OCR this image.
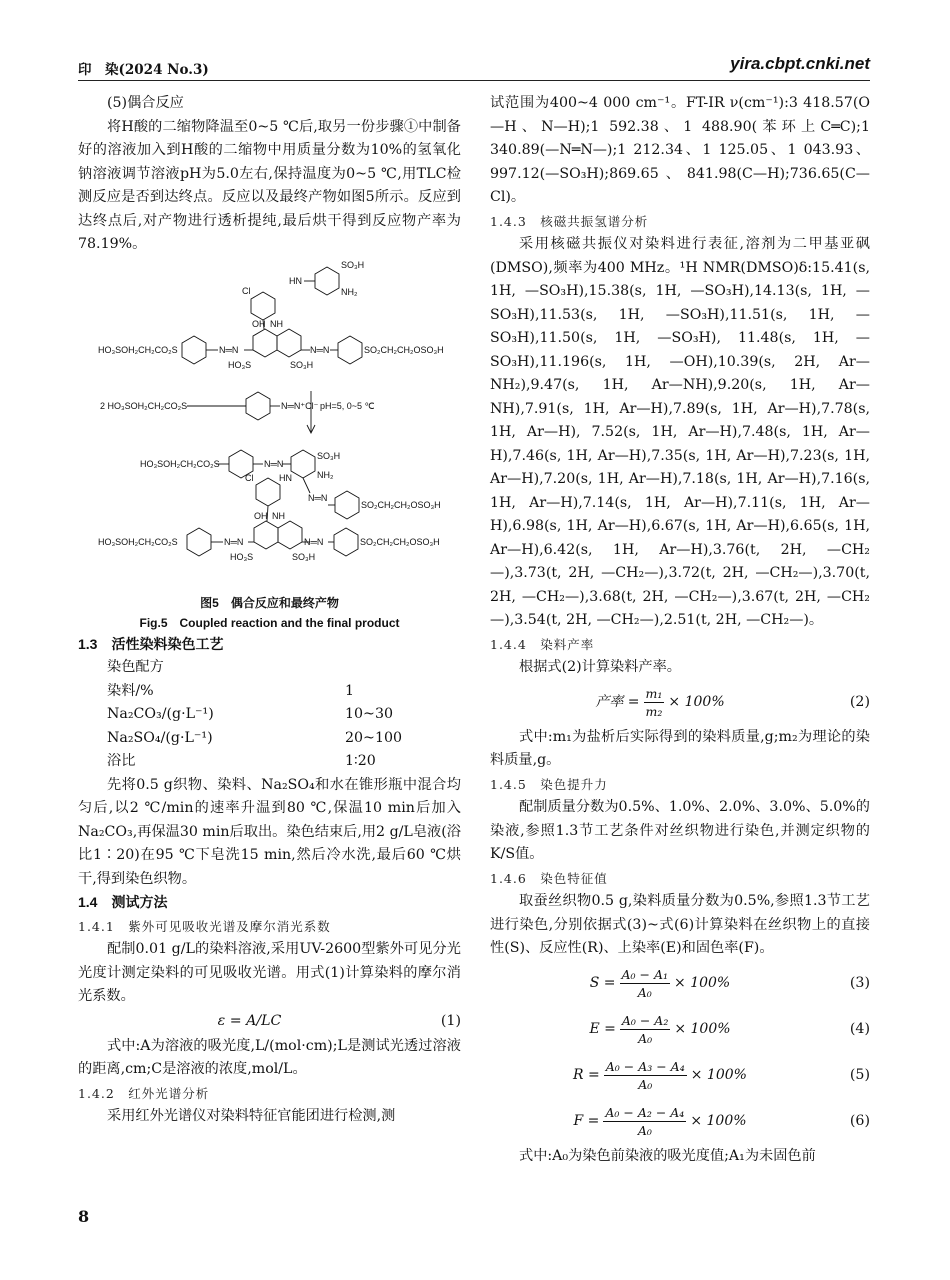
印　染(2024 No.3)	yira.cbpt.cnki.net

(5)偶合反应

将H酸的二缩物降温至0~5 ℃后,取另一份步骤①中制备好的溶液加入到H酸的二缩物中用质量分数为10%的氢氧化钠溶液调节溶液pH为5.0左右,保持温度为0~5 ℃,用TLC检测反应是否到达终点。反应以及最终产物如图5所示。反应到达终点后,对产物进行透析提纯,最后烘干得到反应物产率为78.19%。

SO₃H
NH₂
HN
Cl
OH NH
HO₃SOH₂CH₂CO₂S	N═N	N═N	SO₂CH₂CH₂OSO₃H
HO₃S	SO₃H
2 HO₃SOH₂CH₂CO₂S	N═N⁺Cl⁻ pH=5, 0~5 ℃
HO₃SOH₂CH₂CO₂S	N═N
SO₃H
NH₂
HN
Cl
N═N
SO₂CH₂CH₂OSO₃H
OH NH
HO₃SOH₂CH₂CO₂S	N═N	N═N	SO₂CH₂CH₂OSO₃H
HO₃S	SO₃H
图5　偶合反应和最终产物
Fig.5　Coupled reaction and the final product

1.3　活性染料染色工艺

染色配方

染料/%	1
Na₂CO₃/(g·L⁻¹)	10~30
Na₂SO₄/(g·L⁻¹)	20~100
浴比	1∶20

先将0.5 g织物、染料、Na₂SO₄和水在锥形瓶中混合均匀后,以2 ℃/min的速率升温到80 ℃,保温10 min后加入Na₂CO₃,再保温30 min后取出。染色结束后,用2 g/L皂液(浴比1∶20)在95 ℃下皂洗15 min,然后冷水洗,最后60 ℃烘干,得到染色织物。

1.4　测试方法

1.4.1　紫外可见吸收光谱及摩尔消光系数

配制0.01 g/L的染料溶液,采用UV-2600型紫外可见分光光度计测定染料的可见吸收光谱。用式(1)计算染料的摩尔消光系数。

ε = A/LC	(1)

式中:A为溶液的吸光度,L/(mol·cm);L是测试光透过溶液的距离,cm;C是溶液的浓度,mol/L。

1.4.2　红外光谱分析

采用红外光谱仪对染料特征官能团进行检测,测

试范围为400~4 000 cm⁻¹。FT-IR ν(cm⁻¹):3 418.57(O—H、N—H);1 592.38、1 488.90(苯环上C═C);1 340.89(—N═N—);1 212.34、1 125.05、1 043.93、997.12(—SO₃H);869.65、841.98(C—H);736.65(C—Cl)。

1.4.3　核磁共振氢谱分析

采用核磁共振仪对染料进行表征,溶剂为二甲基亚砜(DMSO),频率为400 MHz。¹H NMR(DMSO)δ:15.41(s, 1H, —SO₃H),15.38(s, 1H, —SO₃H),14.13(s, 1H, —SO₃H),11.53(s, 1H, —SO₃H),11.51(s, 1H, —SO₃H),11.50(s, 1H, —SO₃H), 11.48(s, 1H, —SO₃H),11.196(s, 1H, —OH),10.39(s, 2H, Ar—NH₂),9.47(s, 1H, Ar—NH),9.20(s, 1H, Ar—NH),7.91(s, 1H, Ar—H),7.89(s, 1H, Ar—H),7.78(s, 1H, Ar—H), 7.52(s, 1H, Ar—H),7.48(s, 1H, Ar—H),7.46(s, 1H, Ar—H),7.35(s, 1H, Ar—H),7.23(s, 1H, Ar—H),7.20(s, 1H, Ar—H),7.18(s, 1H, Ar—H),7.16(s, 1H, Ar—H),7.14(s, 1H, Ar—H),7.11(s, 1H, Ar—H),6.98(s, 1H, Ar—H),6.67(s, 1H, Ar—H),6.65(s, 1H, Ar—H),6.42(s, 1H, Ar—H),3.76(t, 2H, —CH₂—),3.73(t, 2H, —CH₂—),3.72(t, 2H, —CH₂—),3.70(t, 2H, —CH₂—),3.68(t, 2H, —CH₂—),3.67(t, 2H, —CH₂—),3.54(t, 2H, —CH₂—),2.51(t, 2H, —CH₂—)。

1.4.4　染料产率

根据式(2)计算染料产率。

产率 = $\frac{\text{m₁}}{\text{m₂}} \times 100\%$	(2)

式中:m₁为盐析后实际得到的染料质量,g;m₂为理论的染料质量,g。

1.4.5　染色提升力

配制质量分数为0.5%、1.0%、2.0%、3.0%、5.0%的染液,参照1.3节工艺条件对丝织物进行染色,并测定织物的K/S值。

1.4.6　染色特征值

取蚕丝织物0.5 g,染料质量分数为0.5%,参照1.3节工艺进行染色,分别依据式(3)~式(6)计算染料在丝织物上的直接性(S)、反应性(R)、上染率(E)和固色率(F)。

$S = \frac{\text{A₀ − A₁}}{\text{A₀}} \times 100\%$	(3)
$E = \frac{\text{A₀ − A₂}}{\text{A₀}} \times 100\%$	(4)
$R = \frac{\text{A₀ − A₃ − A₄}}{\text{A₀}} \times 100\%$	(5)
$F = \frac{\text{A₀ − A₂ − A₄}}{\text{A₀}} \times 100\%$	(6)

式中:A₀为染色前染液的吸光度值;A₁为未固色前

8
